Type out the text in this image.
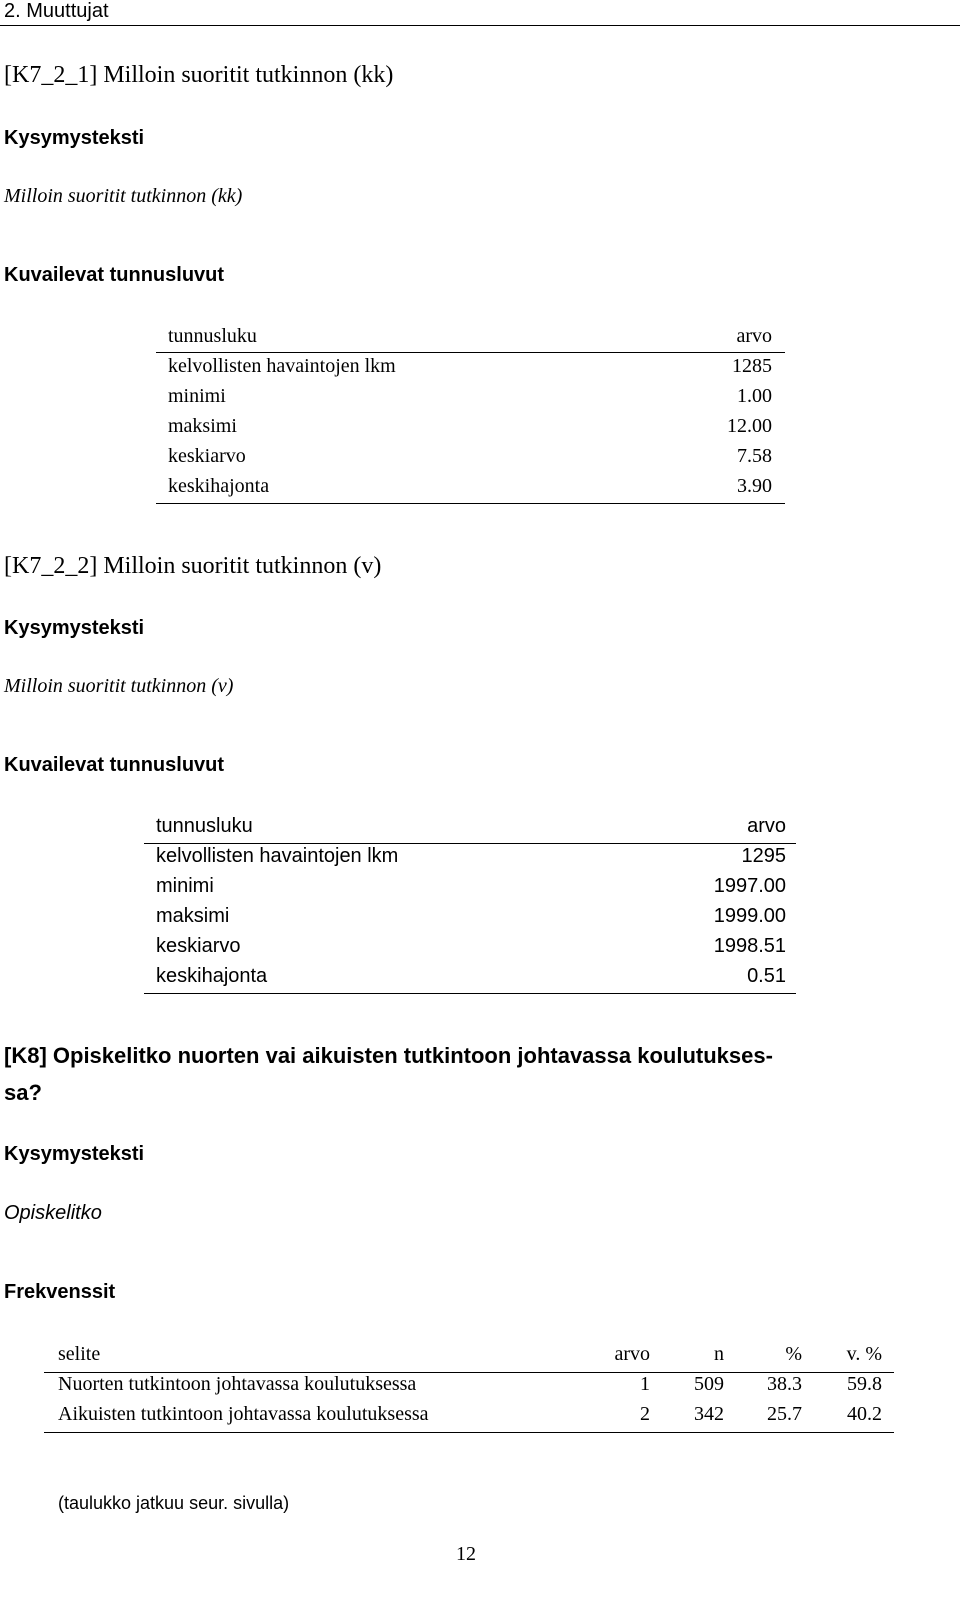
2. Muuttujat
[K7_2_1] Milloin suoritit tutkinnon (kk)
Kysymysteksti
Milloin suoritit tutkinnon (kk)
Kuvailevat tunnusluvut
tunnusluku	arvo
kelvollisten havaintojen lkm	1285
minimi	1.00
maksimi	12.00
keskiarvo	7.58
keskihajonta	3.90
[K7_2_2] Milloin suoritit tutkinnon (v)
Kysymysteksti
Milloin suoritit tutkinnon (v)
Kuvailevat tunnusluvut
tunnusluku	arvo
kelvollisten havaintojen lkm	1295
minimi	1997.00
maksimi	1999.00
keskiarvo	1998.51
keskihajonta	0.51
[K8] Opiskelitko nuorten vai aikuisten tutkintoon johtavassa koulutukses-
sa?
Kysymysteksti
Opiskelitko
Frekvenssit
selite	arvo	n	%	v. %
Nuorten tutkintoon johtavassa koulutuksessa	1	509	38.3	59.8
Aikuisten tutkintoon johtavassa koulutuksessa	2	342	25.7	40.2
(taulukko jatkuu seur. sivulla)
12
